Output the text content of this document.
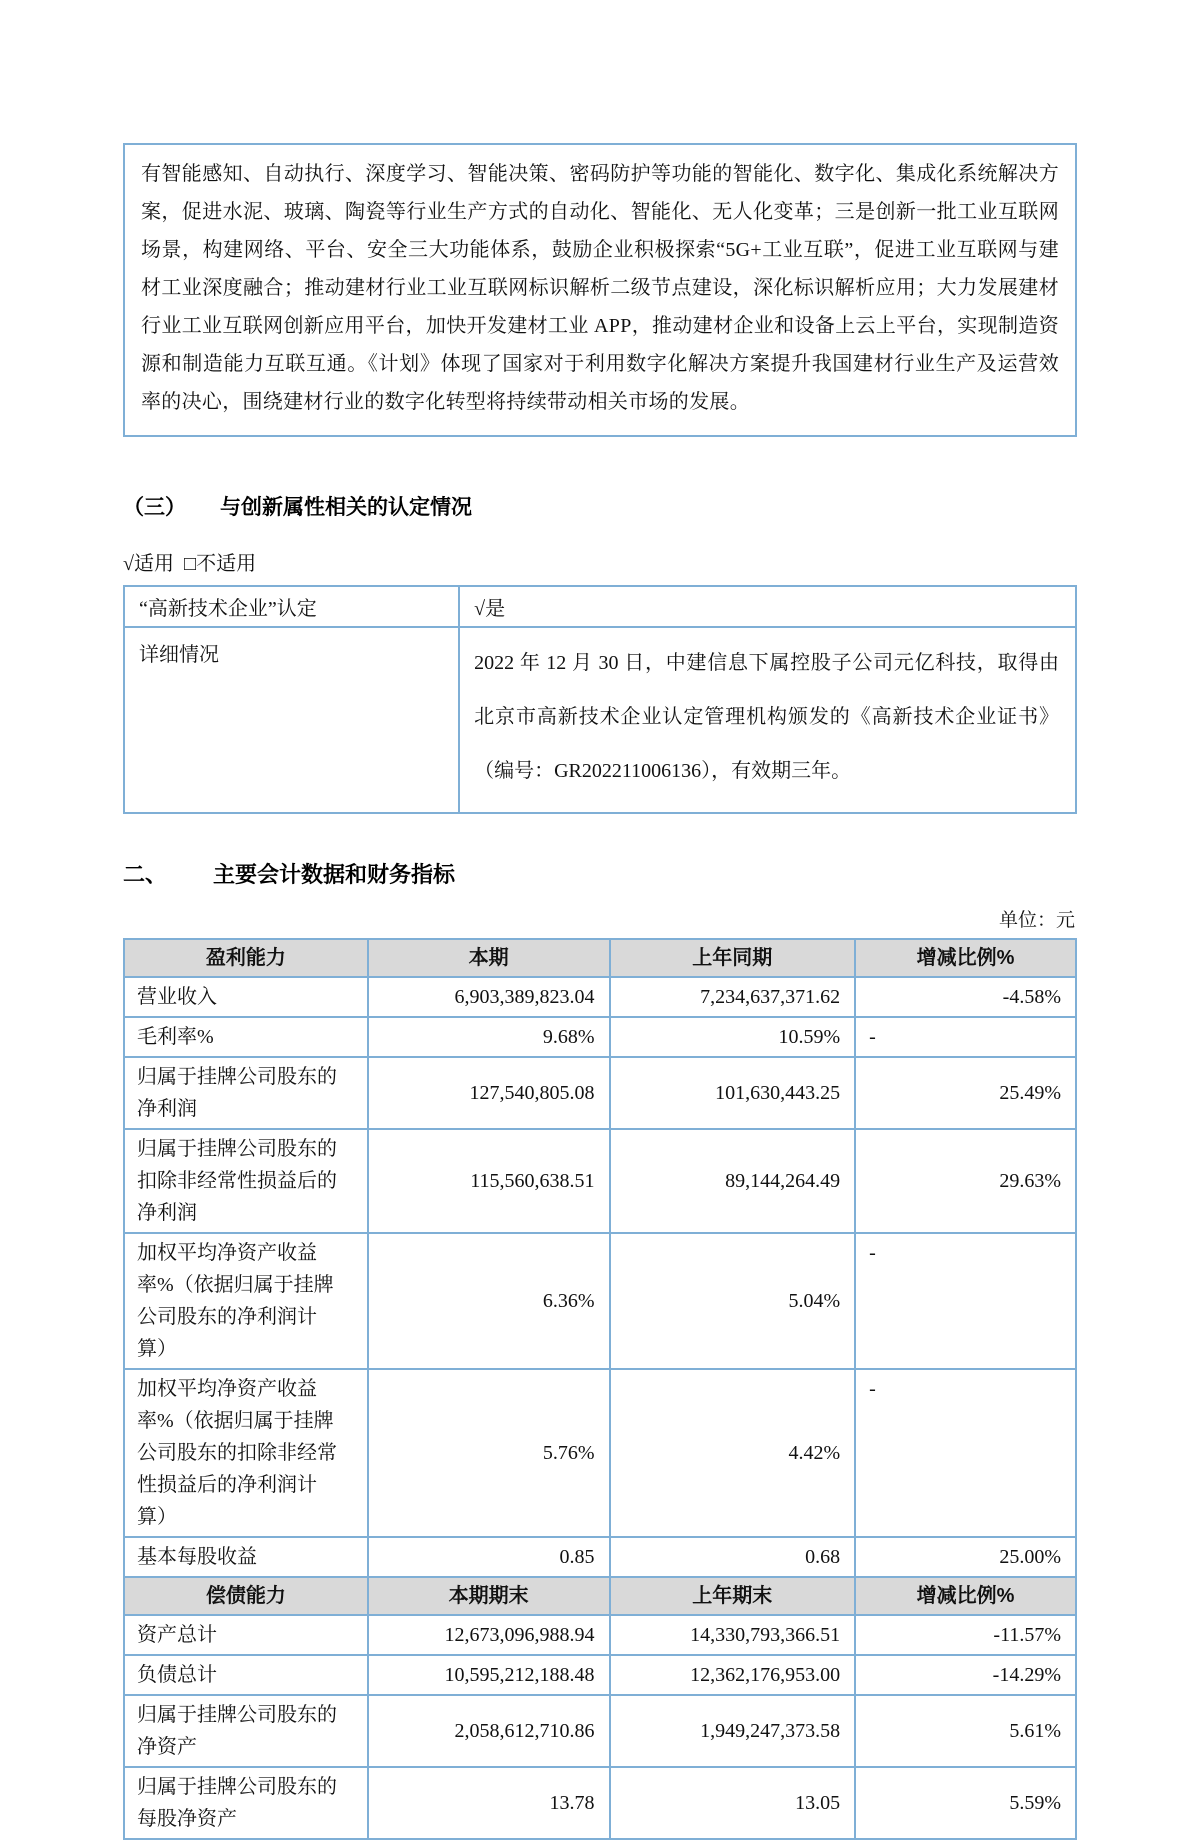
有智能感知、自动执行、深度学习、智能决策、密码防护等功能的智能化、数字化、集成化系统解决方案，促进水泥、玻璃、陶瓷等行业生产方式的自动化、智能化、无人化变革；三是创新一批工业互联网场景，构建网络、平台、安全三大功能体系，鼓励企业积极探索“5G+工业互联”，促进工业互联网与建材工业深度融合；推动建材行业工业互联网标识解析二级节点建设，深化标识解析应用；大力发展建材行业工业互联网创新应用平台，加快开发建材工业 APP，推动建材企业和设备上云上平台，实现制造资源和制造能力互联互通。《计划》体现了国家对于利用数字化解决方案提升我国建材行业生产及运营效率的决心，围绕建材行业的数字化转型将持续带动相关市场的发展。

（三） 与创新属性相关的认定情况
√适用 □不适用
“高新技术企业”认定	√是
详细情况	2022 年 12 月 30 日，中建信息下属控股子公司元亿科技，取得由北京市高新技术企业认定管理机构颁发的《高新技术企业证书》（编号：GR202211006136），有效期三年。
二、 主要会计数据和财务指标
单位：元
盈利能力	本期	上年同期	增减比例%
营业收入	6,903,389,823.04	7,234,637,371.62	-4.58%
毛利率%	9.68%	10.59%	-
归属于挂牌公司股东的净利润	127,540,805.08	101,630,443.25	25.49%
归属于挂牌公司股东的扣除非经常性损益后的净利润	115,560,638.51	89,144,264.49	29.63%
加权平均净资产收益率%（依据归属于挂牌公司股东的净利润计算）	6.36%	5.04%	-
加权平均净资产收益率%（依据归属于挂牌公司股东的扣除非经常性损益后的净利润计算）	5.76%	4.42%	-
基本每股收益	0.85	0.68	25.00%
偿债能力	本期期末	上年期末	增减比例%
资产总计	12,673,096,988.94	14,330,793,366.51	-11.57%
负债总计	10,595,212,188.48	12,362,176,953.00	-14.29%
归属于挂牌公司股东的净资产	2,058,612,710.86	1,949,247,373.58	5.61%
归属于挂牌公司股东的每股净资产	13.78	13.05	5.59%
